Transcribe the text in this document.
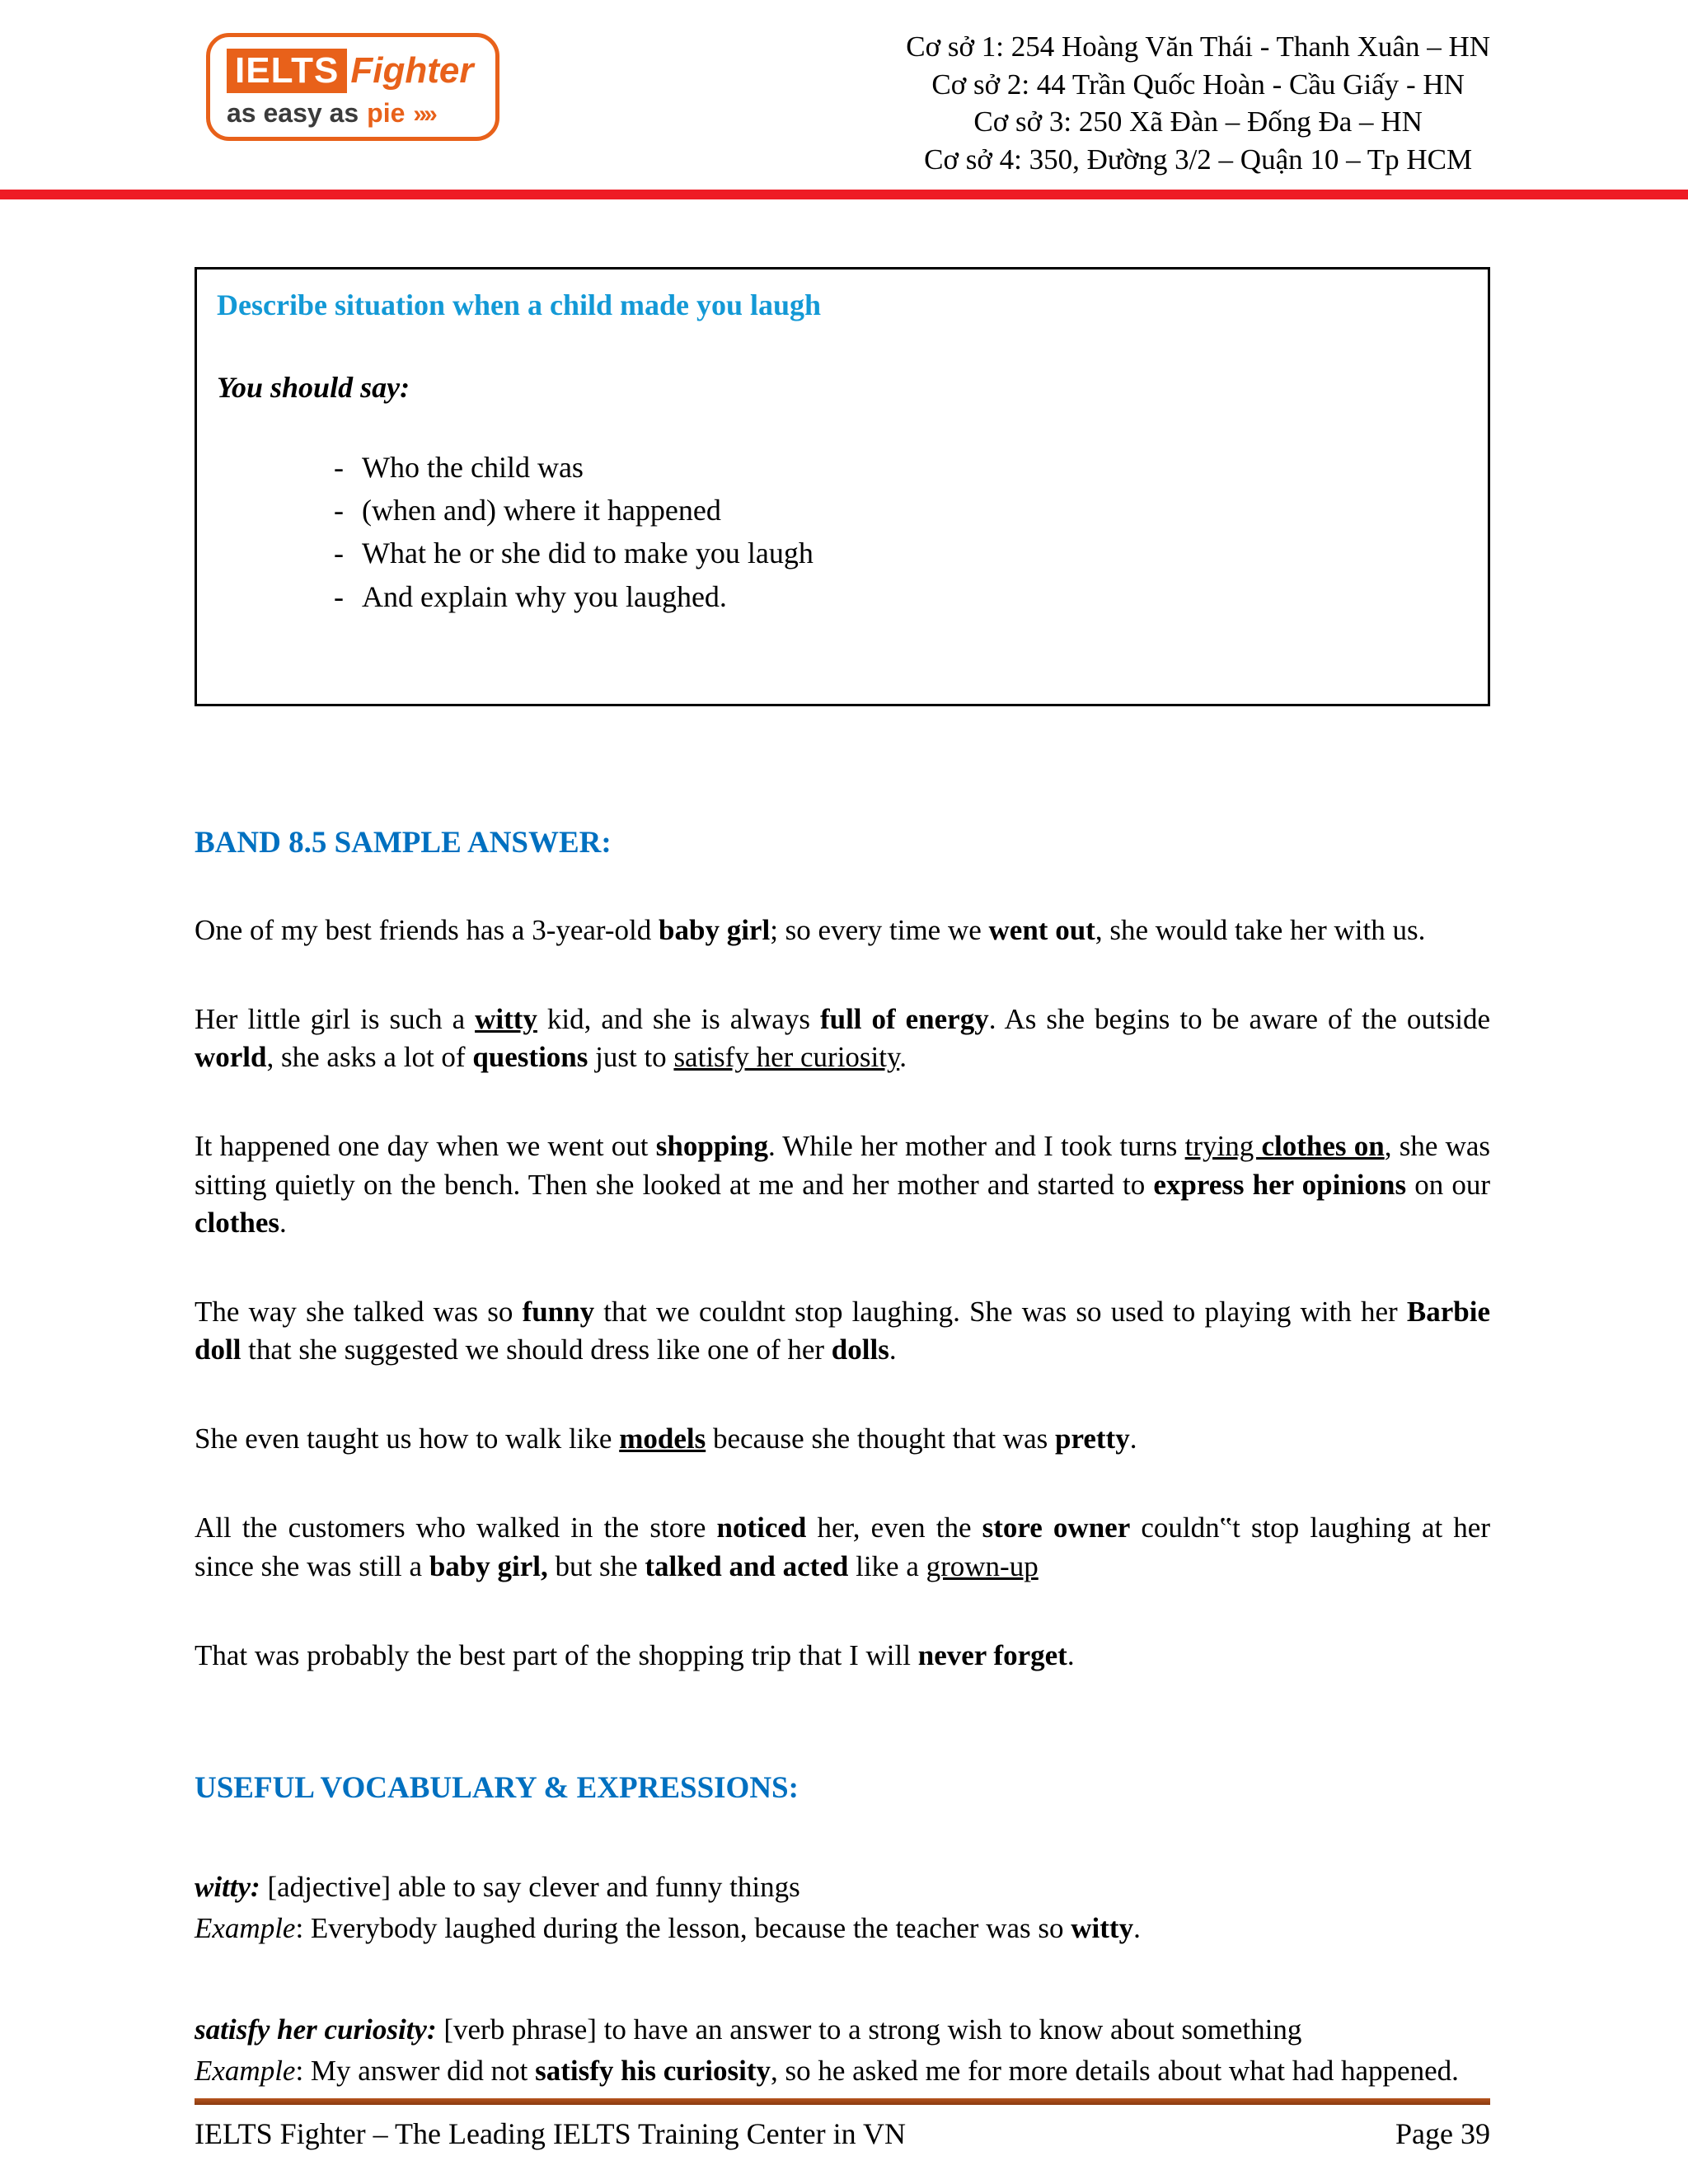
IELTS Fighter
as easy as pie »»
Cơ sở 1: 254 Hoàng Văn Thái - Thanh Xuân – HN
Cơ sở 2: 44 Trần Quốc Hoàn - Cầu Giấy - HN
Cơ sở 3: 250 Xã Đàn – Đống Đa – HN
Cơ sở 4: 350, Đường 3/2 – Quận 10 – Tp HCM
Describe situation when a child made you laugh
You should say:
- Who the child was
- (when and) where it happened
- What he or she did to make you laugh
- And explain why you laughed.
BAND 8.5 SAMPLE ANSWER:

One of my best friends has a 3-year-old baby girl; so every time we went out, she would take her with us.

Her little girl is such a witty kid, and she is always full of energy. As she begins to be aware of the outside world, she asks a lot of questions just to satisfy her curiosity.

It happened one day when we went out shopping. While her mother and I took turns trying clothes on, she was sitting quietly on the bench. Then she looked at me and her mother and started to express her opinions on our clothes.

The way she talked was so funny that we couldnt stop laughing. She was so used to playing with her Barbie doll that she suggested we should dress like one of her dolls.

She even taught us how to walk like models because she thought that was pretty.

All the customers who walked in the store noticed her, even the store owner couldn‟t stop laughing at her since she was still a baby girl, but she talked and acted like a grown-up

That was probably the best part of the shopping trip that I will never forget.

USEFUL VOCABULARY & EXPRESSIONS:
witty: [adjective] able to say clever and funny things
Example: Everybody laughed during the lesson, because the teacher was so witty.
satisfy her curiosity: [verb phrase] to have an answer to a strong wish to know about something
Example: My answer did not satisfy his curiosity, so he asked me for more details about what had happened.
IELTS Fighter – The Leading IELTS Training Center in VN	Page 39
